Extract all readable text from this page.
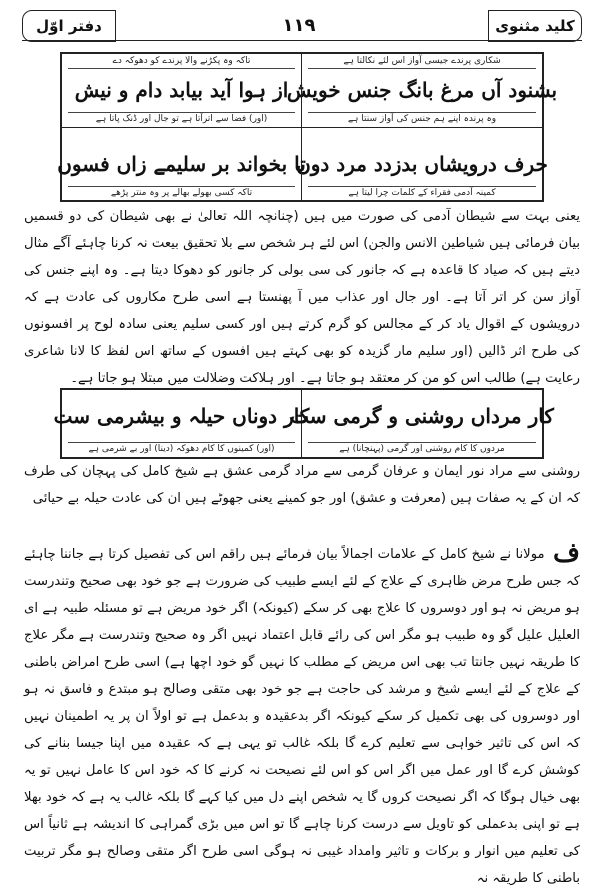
کلید مثنوی
۱۱۹
دفتر اوّل
شکاری پرندے جیسی آواز اس لئے نکالتا ہے
بشنود آں مرغ بانگ جنس خویش
وہ پرندہ اپنے ہم جنس کی آواز سنتا ہے
تاکہ وہ پکڑنے والا پرندے کو دھوکہ دے
از ہوا آید بیابد دام و نیش
(اور) فضا سے اترآتا ہے تو جال اور ڈنک پاتا ہے
حرف درویشاں بدزدد مرد دوں
کمینہ آدمی فقراء کے کلمات چرا لیتا ہے
تا بخواند بر سلیمے زاں فسوں
تاکہ کسی بھولے بھالے پر وہ منتر پڑھے
یعنی بہت سے شیطان آدمی کی صورت میں ہیں (چنانچہ اللہ تعالیٰ نے بھی شیطان کی دو قسمیں بیان فرمائی ہیں شیاطین الانس والجن) اس لئے ہر شخص سے بلا تحقیق بیعت نہ کرنا چاہئے آگے مثال دیتے ہیں کہ صیاد کا قاعدہ ہے کہ جانور کی سی بولی کر جانور کو دھوکا دیتا ہے۔ وہ اپنے جنس کی آواز سن کر اتر آتا ہے۔ اور جال اور عذاب میں آ پھنستا ہے اسی طرح مکاروں کی عادت ہے کہ درویشوں کے اقوال یاد کر کے مجالس کو گرم کرتے ہیں اور کسی سلیم یعنی سادہ لوح پر افسونوں کی طرح اثر ڈالیں (اور سلیم مار گزیدہ کو بھی کہتے ہیں افسوں کے ساتھ اس لفظ کا لانا شاعری رعایت ہے) طالب اس کو من کر معتقد ہو جاتا ہے۔ اور ہلاکت وضلالت میں مبتلا ہو جاتا ہے۔
کار مرداں روشنی و گرمی ست
مردوں کا کام روشنی اور گرمی (پہنچانا) ہے
کار دوناں حیلہ و بیشرمی ست
(اور) کمینوں کا کام دھوکہ (دینا) اور بے شرمی ہے
روشنی سے مراد نور ایمان و عرفان گرمی سے مراد گرمی عشق ہے شیخ کامل کی پہچان کی طرف کہ ان کے یہ صفات ہیں (معرفت و عشق) اور جو کمینے یعنی جھوٹے ہیں ان کی عادت حیلہ بے حیائی
ف مولانا نے شیخ کامل کے علامات اجمالاً بیان فرمائے ہیں راقم اس کی تفصیل کرتا ہے جاننا چاہئے کہ جس طرح مرض ظاہری کے علاج کے لئے ایسے طبیب کی ضرورت ہے جو خود بھی صحیح وتندرست ہو مریض نہ ہو اور دوسروں کا علاج بھی کر سکے (کیونکہ) اگر خود مریض ہے تو مسئلہ طبیہ ہے ای العلیل علیل گو وہ طبیب ہو مگر اس کی رائے قابل اعتماد نہیں اگر وہ صحیح وتندرست ہے مگر علاج کا طریقہ نہیں جانتا تب بھی اس مریض کے مطلب کا نہیں گو خود اچھا ہے) اسی طرح امراض باطنی کے علاج کے لئے ایسے شیخ و مرشد کی حاجت ہے جو خود بھی متقی وصالح ہو مبتدع و فاسق نہ ہو اور دوسروں کی بھی تکمیل کر سکے کیونکہ اگر بدعقیدہ و بدعمل ہے تو اولاً ان پر یہ اطمینان نہیں کہ اس کی تاثیر خواہی سے تعلیم کرے گا بلکہ غالب تو یہی ہے کہ عقیدہ میں اپنا جیسا بنانے کی کوشش کرے گا اور عمل میں اگر اس کو اس لئے نصیحت نہ کرنے کا کہ خود اس کا عامل نہیں تو یہ بھی خیال ہوگا کہ اگر نصیحت کروں گا یہ شخص اپنے دل میں کیا کہے گا بلکہ غالب یہ ہے کہ خود بھلا ہے تو اپنی بدعملی کو تاویل سے درست کرنا چاہے گا تو اس میں بڑی گمراہی کا اندیشہ ہے ثانیاً اس کی تعلیم میں انوار و برکات و تاثیر وامداد غیبی نہ ہوگی اسی طرح اگر متقی وصالح ہو مگر تربیت باطنی کا طریقہ نہ
